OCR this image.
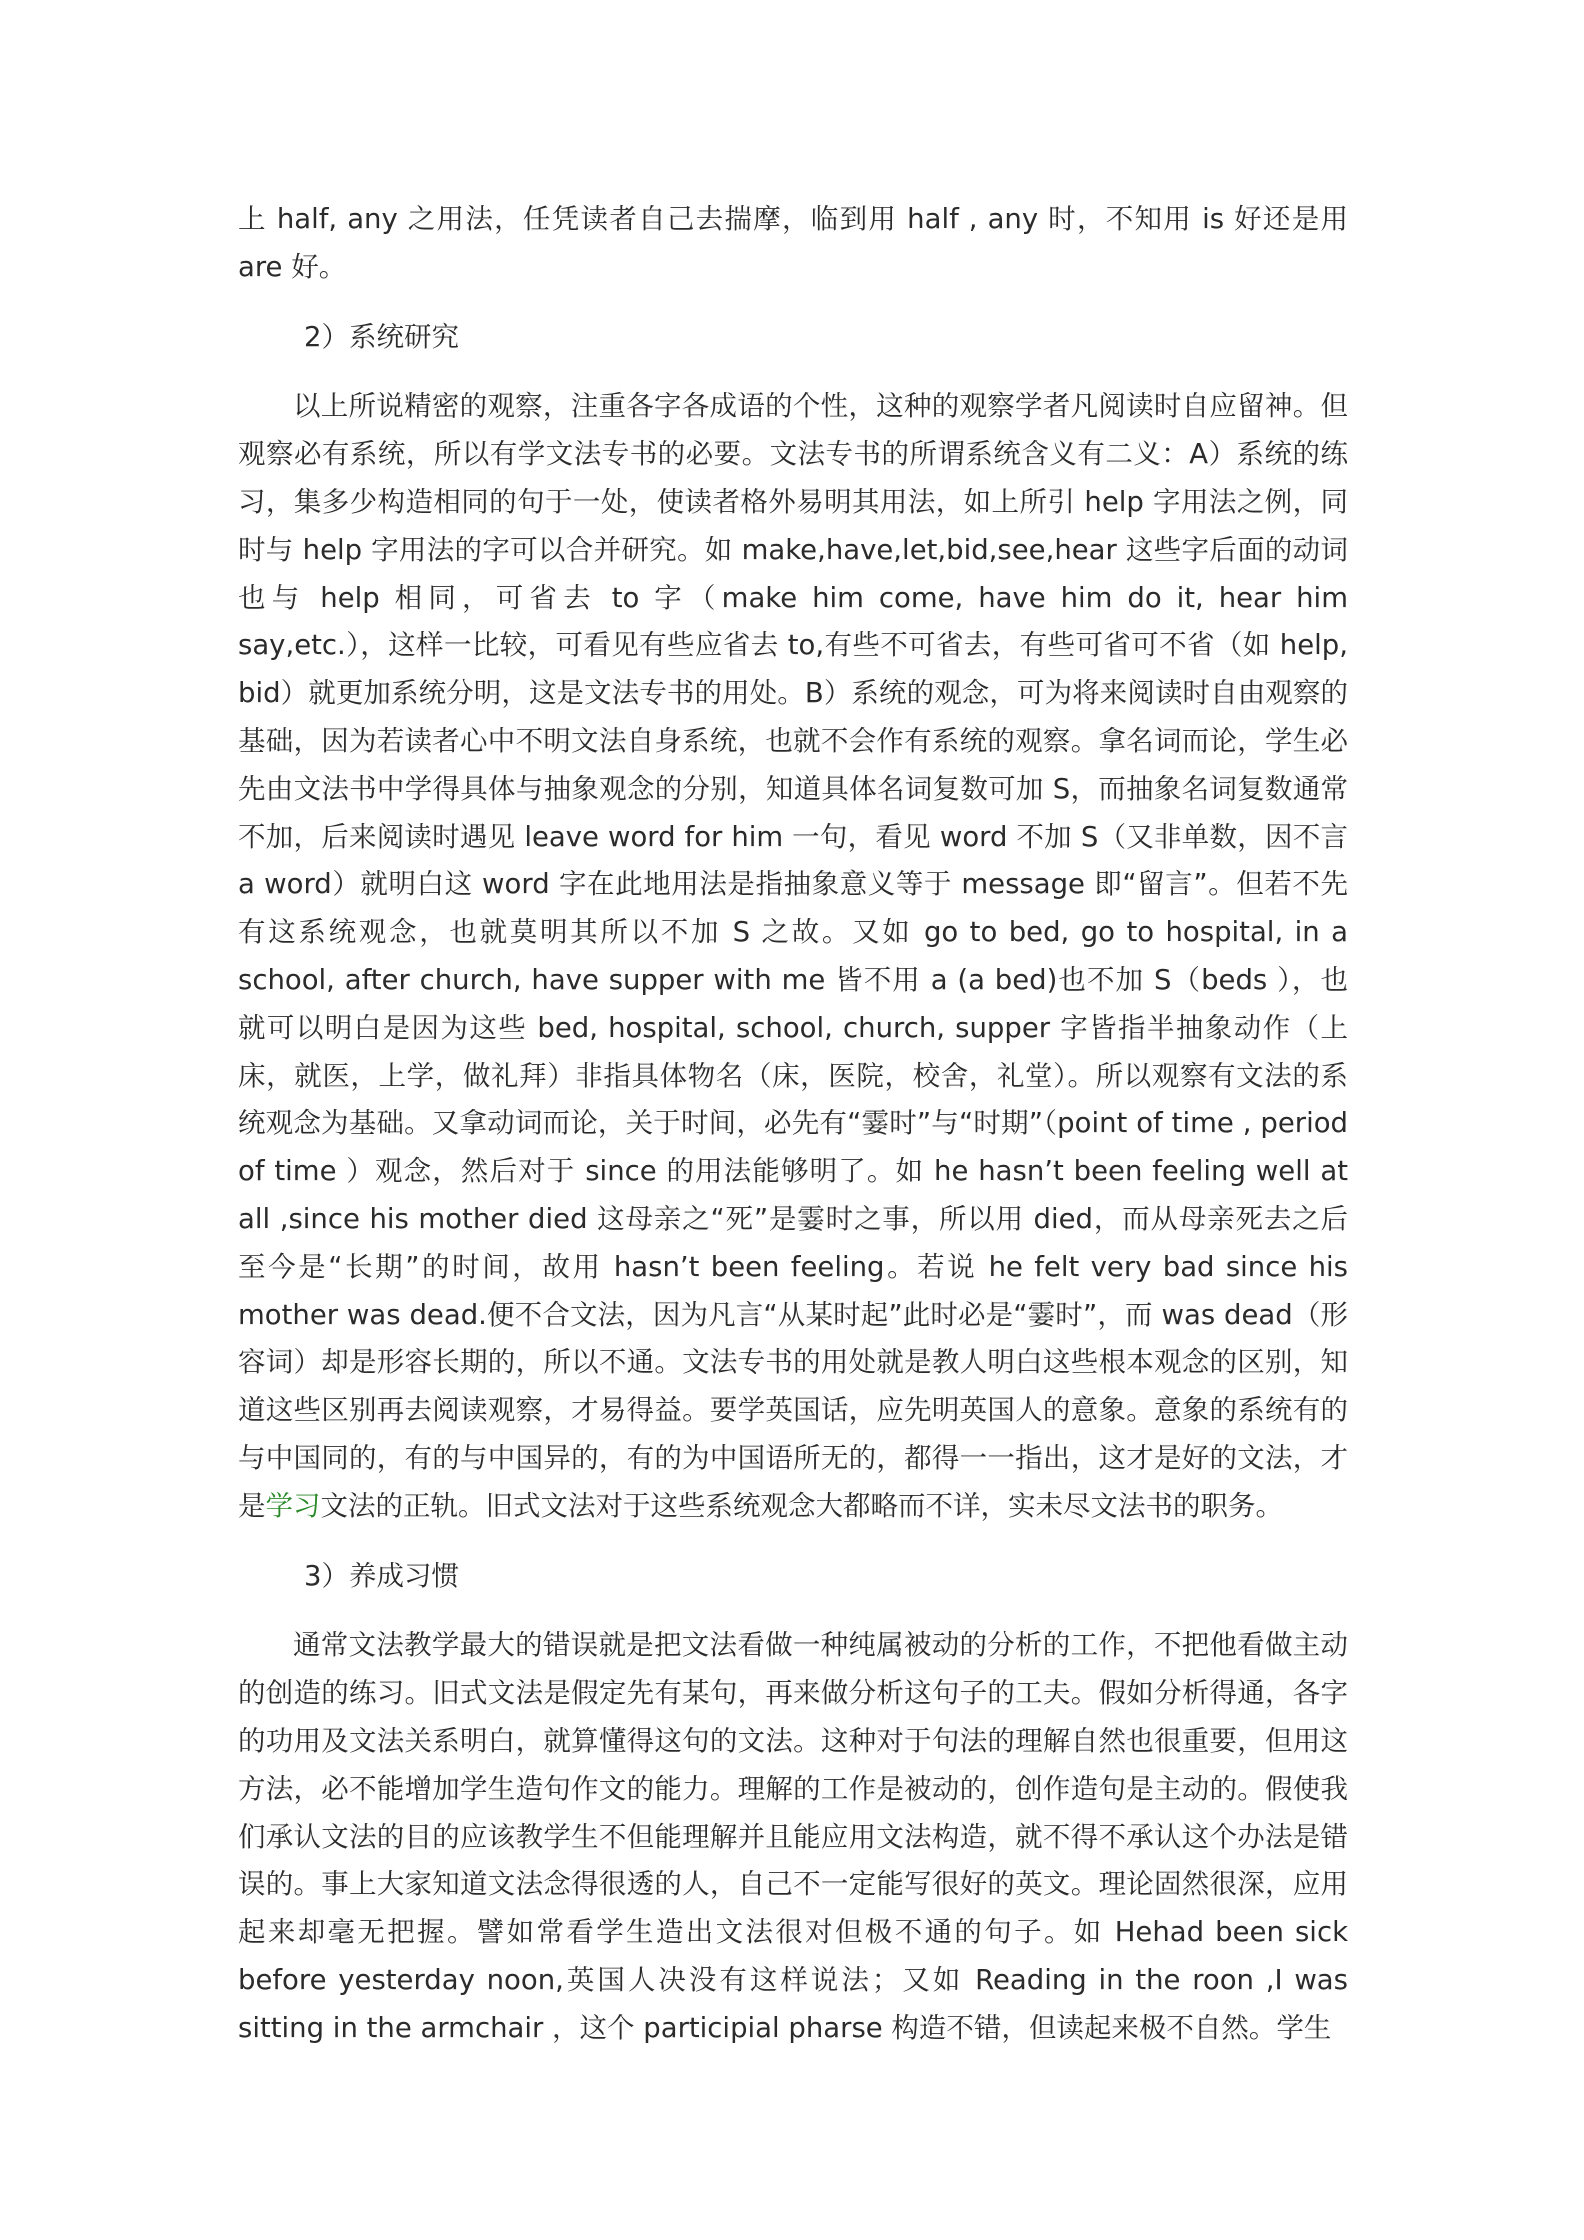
上 half, any 之用法，任凭读者自己去揣摩，临到用 half , any 时，不知用 is 好还是用 are 好。

2）系统研究

以上所说精密的观察，注重各字各成语的个性，这种的观察学者凡阅读时自应留神。但观察必有系统，所以有学文法专书的必要。文法专书的所谓系统含义有二义：A）系统的练习，集多少构造相同的句于一处，使读者格外易明其用法，如上所引 help 字用法之例，同时与 help 字用法的字可以合并研究。如 make,have,let,bid,see,hear 这些字后面的动词也与 help 相同，可省去 to 字（make him come, have him do it, hear him say,etc.），这样一比较，可看见有些应省去 to,有些不可省去，有些可省可不省（如 help, bid）就更加系统分明，这是文法专书的用处。B）系统的观念，可为将来阅读时自由观察的基础，因为若读者心中不明文法自身系统，也就不会作有系统的观察。拿名词而论，学生必先由文法书中学得具体与抽象观念的分别，知道具体名词复数可加 S，而抽象名词复数通常不加，后来阅读时遇见 leave word for him 一句，看见 word 不加 S（又非单数，因不言 a word）就明白这 word 字在此地用法是指抽象意义等于 message 即“留言”。但若不先有这系统观念，也就莫明其所以不加 S 之故。又如 go to bed, go to hospital, in a school, after church, have supper with me 皆不用 a (a bed)也不加 S（beds ），也就可以明白是因为这些 bed, hospital, school, church, supper 字皆指半抽象动作（上床，就医，上学，做礼拜）非指具体物名（床，医院，校舍，礼堂）。所以观察有文法的系统观念为基础。又拿动词而论，关于时间，必先有“霎时”与“时期”（point of time , period of time ）观念，然后对于 since 的用法能够明了。如 he hasn’t been feeling well at all ,since his mother died 这母亲之“死”是霎时之事，所以用 died，而从母亲死去之后至今是“长期”的时间，故用 hasn’t been feeling。若说 he felt very bad since his mother was dead.便不合文法，因为凡言“从某时起”此时必是“霎时”，而 was dead（形容词）却是形容长期的，所以不通。文法专书的用处就是教人明白这些根本观念的区别，知道这些区别再去阅读观察，才易得益。要学英国话，应先明英国人的意象。意象的系统有的与中国同的，有的与中国异的，有的为中国语所无的，都得一一指出，这才是好的文法，才是学习文法的正轨。旧式文法对于这些系统观念大都略而不详，实未尽文法书的职务。

3）养成习惯

通常文法教学最大的错误就是把文法看做一种纯属被动的分析的工作，不把他看做主动的创造的练习。旧式文法是假定先有某句，再来做分析这句子的工夫。假如分析得通，各字的功用及文法关系明白，就算懂得这句的文法。这种对于句法的理解自然也很重要，但用这方法，必不能增加学生造句作文的能力。理解的工作是被动的，创作造句是主动的。假使我们承认文法的目的应该教学生不但能理解并且能应用文法构造，就不得不承认这个办法是错误的。事上大家知道文法念得很透的人，自己不一定能写很好的英文。理论固然很深，应用起来却毫无把握。譬如常看学生造出文法很对但极不通的句子。如 Hehad been sick before yesterday noon,英国人决没有这样说法；又如 Reading in the roon ,I was sitting in the armchair ，这个 participial pharse 构造不错，但读起来极不自然。学生
